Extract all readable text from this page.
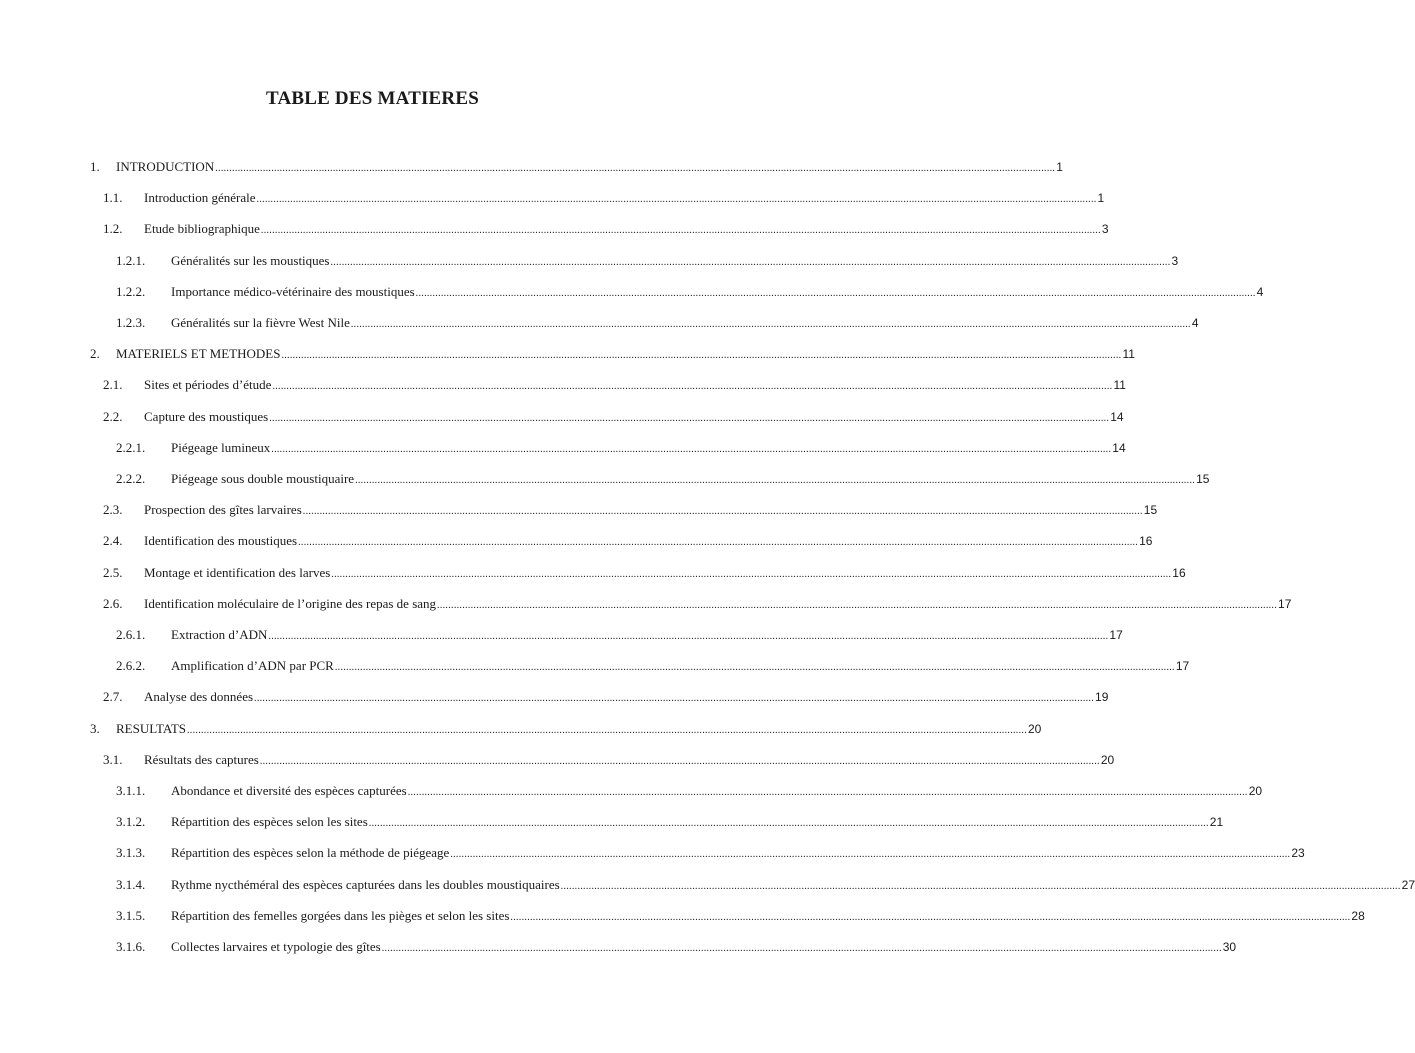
TABLE DES MATIERES
1.	INTRODUCTION ............................................................................................................................................................................................................................................................................................................ 1
1.1.	Introduction générale ............................................................................................................................................................................................................................................................................................................ 1
1.2.	Etude bibliographique ............................................................................................................................................................................................................................................................................................................ 3
1.2.1.	Généralités sur les moustiques ............................................................................................................................................................................................................................................................................................................ 3
1.2.2.	Importance médico-vétérinaire des moustiques ............................................................................................................................................................................................................................................................................................................ 4
1.2.3.	Généralités sur la fièvre West Nile ............................................................................................................................................................................................................................................................................................................ 4
2.	MATERIELS ET METHODES ............................................................................................................................................................................................................................................................................................................ 11
2.1.	Sites et périodes d’étude ............................................................................................................................................................................................................................................................................................................ 11
2.2.	Capture des moustiques ............................................................................................................................................................................................................................................................................................................ 14
2.2.1.	Piégeage lumineux ............................................................................................................................................................................................................................................................................................................ 14
2.2.2.	Piégeage sous double moustiquaire ............................................................................................................................................................................................................................................................................................................ 15
2.3.	Prospection des gîtes larvaires ............................................................................................................................................................................................................................................................................................................ 15
2.4.	Identification des moustiques ............................................................................................................................................................................................................................................................................................................ 16
2.5.	Montage et identification des larves ............................................................................................................................................................................................................................................................................................................ 16
2.6.	Identification moléculaire de l’origine des repas de sang ............................................................................................................................................................................................................................................................................................................ 17
2.6.1.	Extraction d’ADN ............................................................................................................................................................................................................................................................................................................ 17
2.6.2.	Amplification d’ADN par PCR ............................................................................................................................................................................................................................................................................................................ 17
2.7.	Analyse des données ............................................................................................................................................................................................................................................................................................................ 19
3.	RESULTATS ............................................................................................................................................................................................................................................................................................................ 20
3.1.	Résultats des captures ............................................................................................................................................................................................................................................................................................................ 20
3.1.1.	Abondance et diversité des espèces capturées ............................................................................................................................................................................................................................................................................................................ 20
3.1.2.	Répartition des espèces selon les sites ............................................................................................................................................................................................................................................................................................................ 21
3.1.3.	Répartition des espèces selon la méthode de piégeage ............................................................................................................................................................................................................................................................................................................ 23
3.1.4.	Rythme nycthéméral des espèces capturées dans les doubles moustiquaires ............................................................................................................................................................................................................................................................................................................ 27
3.1.5.	Répartition des femelles gorgées dans les pièges et selon les sites ............................................................................................................................................................................................................................................................................................................ 28
3.1.6.	Collectes larvaires et typologie des gîtes ............................................................................................................................................................................................................................................................................................................ 30
